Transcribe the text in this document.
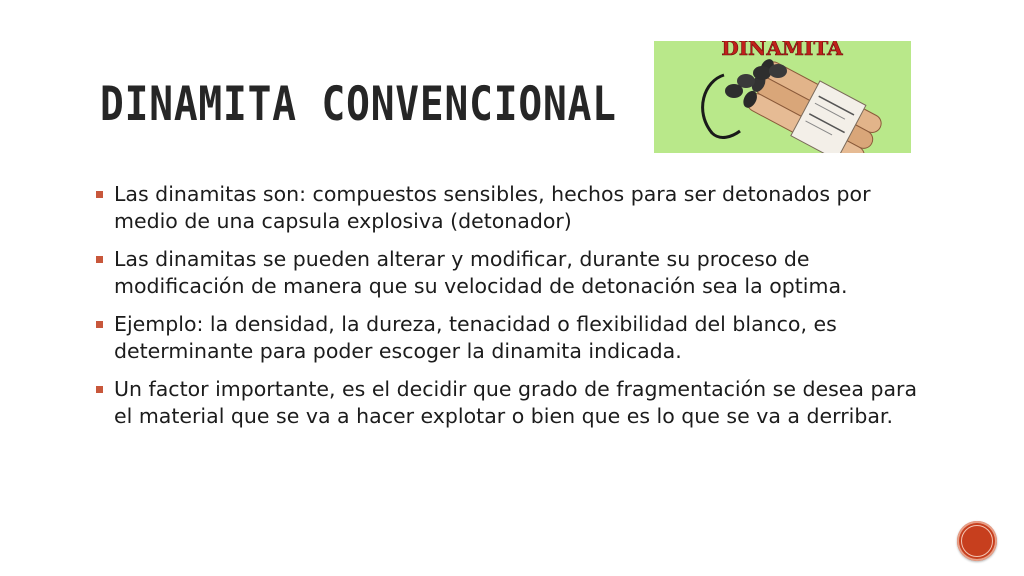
DINAMITA CONVENCIONAL
DINAMITA
Las dinamitas son: compuestos sensibles, hechos para ser detonados por medio de una capsula explosiva (detonador)
Las dinamitas se pueden alterar y modificar, durante su proceso de modificación de manera que su velocidad de detonación sea la optima.
Ejemplo: la densidad, la dureza, tenacidad o flexibilidad del blanco, es determinante para poder escoger la dinamita indicada.
Un factor importante, es el decidir que grado de fragmentación se desea para el material que se va a hacer explotar o bien que es lo que se va a derribar.
